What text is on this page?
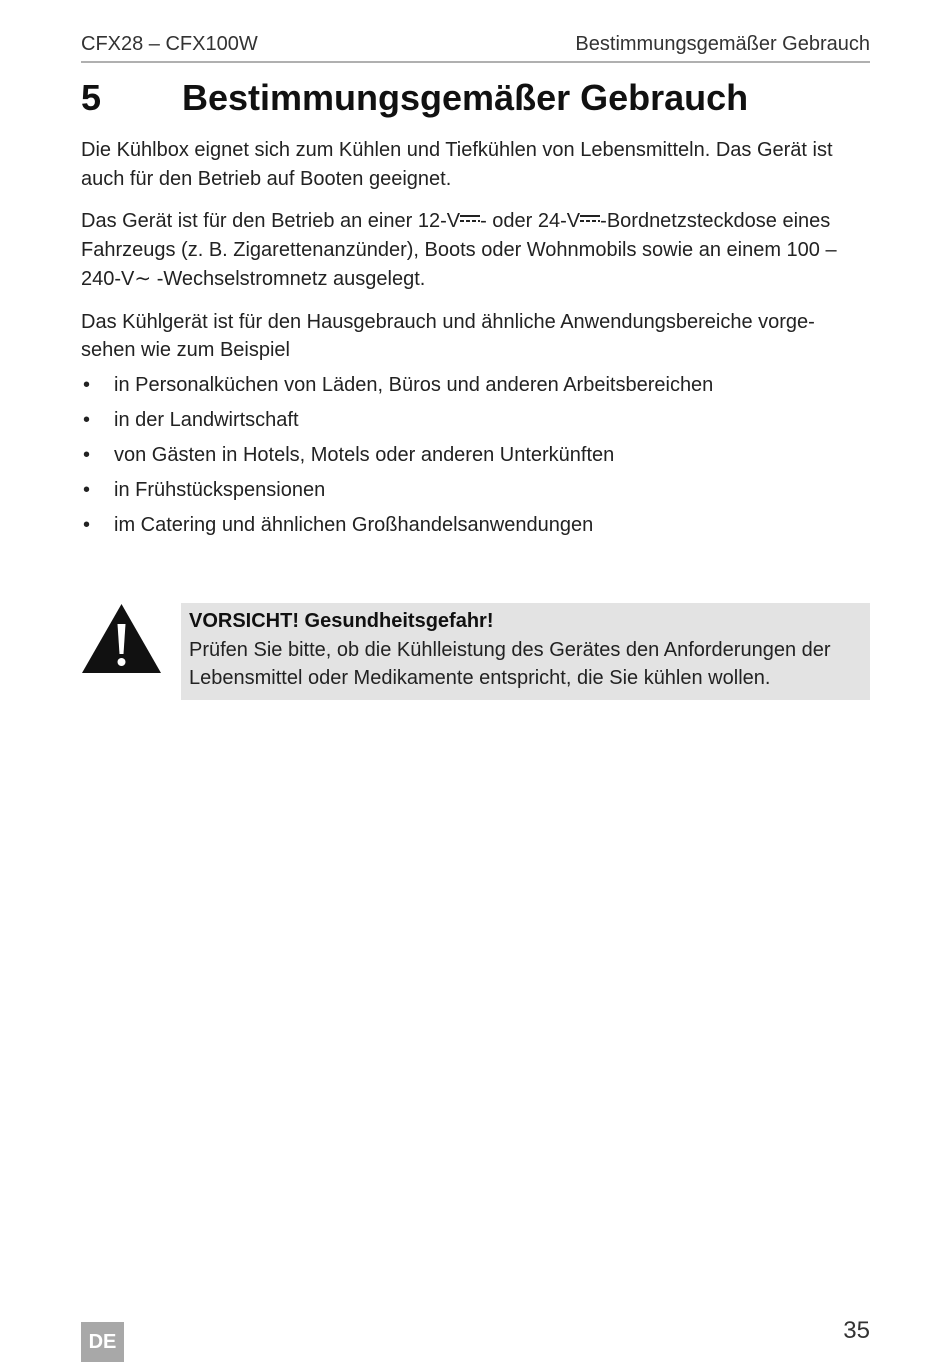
CFX28 – CFX100W	Bestimmungsgemäßer Gebrauch
5	Bestimmungsgemäßer Gebrauch

Die Kühlbox eignet sich zum Kühlen und Tiefkühlen von Lebensmitteln. Das Gerät ist auch für den Betrieb auf Booten geeignet.

Das Gerät ist für den Betrieb an einer 12-V - oder 24-V -Bordnetzsteckdose eines Fahrzeugs (z. B. Zigarettenanzünder), Boots oder Wohnmobils sowie an einem 100 – 240-V∼ -Wechselstromnetz ausgelegt.

Das Kühlgerät ist für den Hausgebrauch und ähnliche Anwendungsbereiche vorge- sehen wie zum Beispiel

• in Personalküchen von Läden, Büros und anderen Arbeitsbereichen
• in der Landwirtschaft
• von Gästen in Hotels, Motels oder anderen Unterkünften
• in Frühstückspensionen
• im Catering und ähnlichen Großhandelsanwendungen
VORSICHT! Gesundheitsgefahr!
Prüfen Sie bitte, ob die Kühlleistung des Gerätes den Anforderungen der Lebensmittel oder Medikamente entspricht, die Sie kühlen wollen.
DE	35
